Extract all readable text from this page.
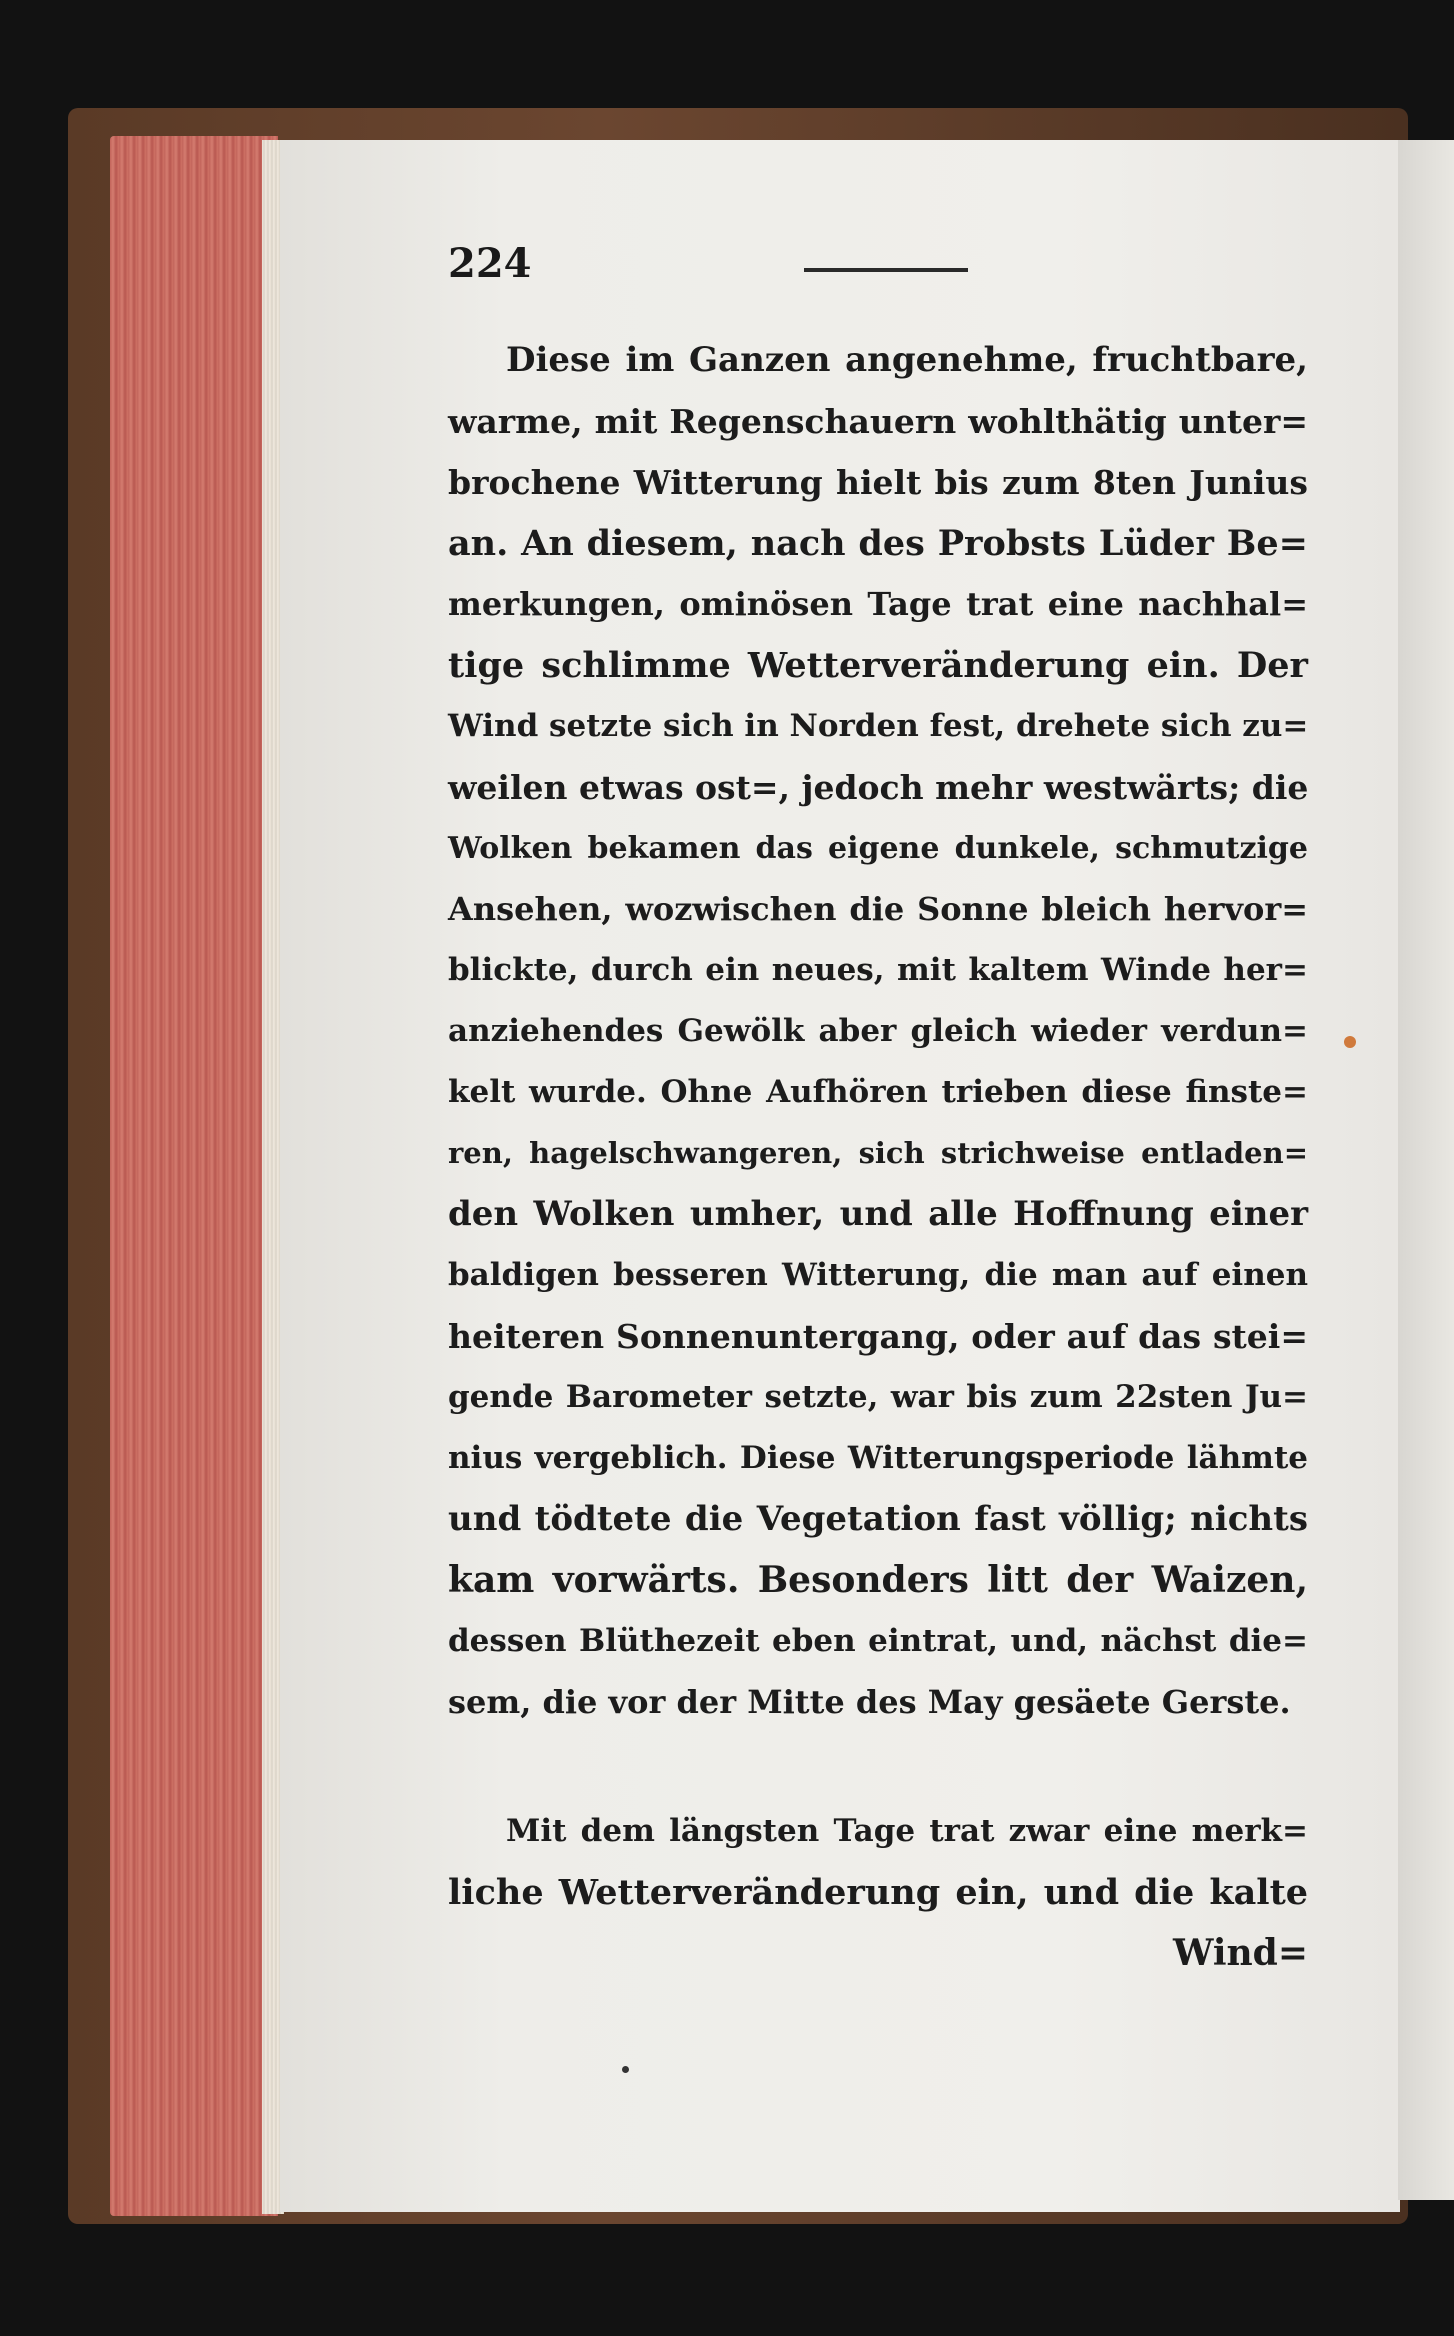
224
Diese im Ganzen angenehme, fruchtbare,
warme, mit Regenschauern wohlthätig unter=
brochene Witterung hielt bis zum 8ten Junius
an. An diesem, nach des Probsts Lüder Be=
merkungen, ominösen Tage trat eine nachhal=
tige schlimme Wetterveränderung ein. Der
Wind setzte sich in Norden fest, drehete sich zu=
weilen etwas ost=, jedoch mehr westwärts; die
Wolken bekamen das eigene dunkele, schmutzige
Ansehen, wozwischen die Sonne bleich hervor=
blickte, durch ein neues, mit kaltem Winde her=
anziehendes Gewölk aber gleich wieder verdun=
kelt wurde. Ohne Aufhören trieben diese finste=
ren, hagelschwangeren, sich strichweise entladen=
den Wolken umher, und alle Hoffnung einer
baldigen besseren Witterung, die man auf einen
heiteren Sonnenuntergang, oder auf das stei=
gende Barometer setzte, war bis zum 22sten Ju=
nius vergeblich. Diese Witterungsperiode lähmte
und tödtete die Vegetation fast völlig; nichts
kam vorwärts. Besonders litt der Waizen,
dessen Blüthezeit eben eintrat, und, nächst die=
sem, die vor der Mitte des May gesäete Gerste.
Mit dem längsten Tage trat zwar eine merk=
liche Wetterveränderung ein, und die kalte
Wind=
